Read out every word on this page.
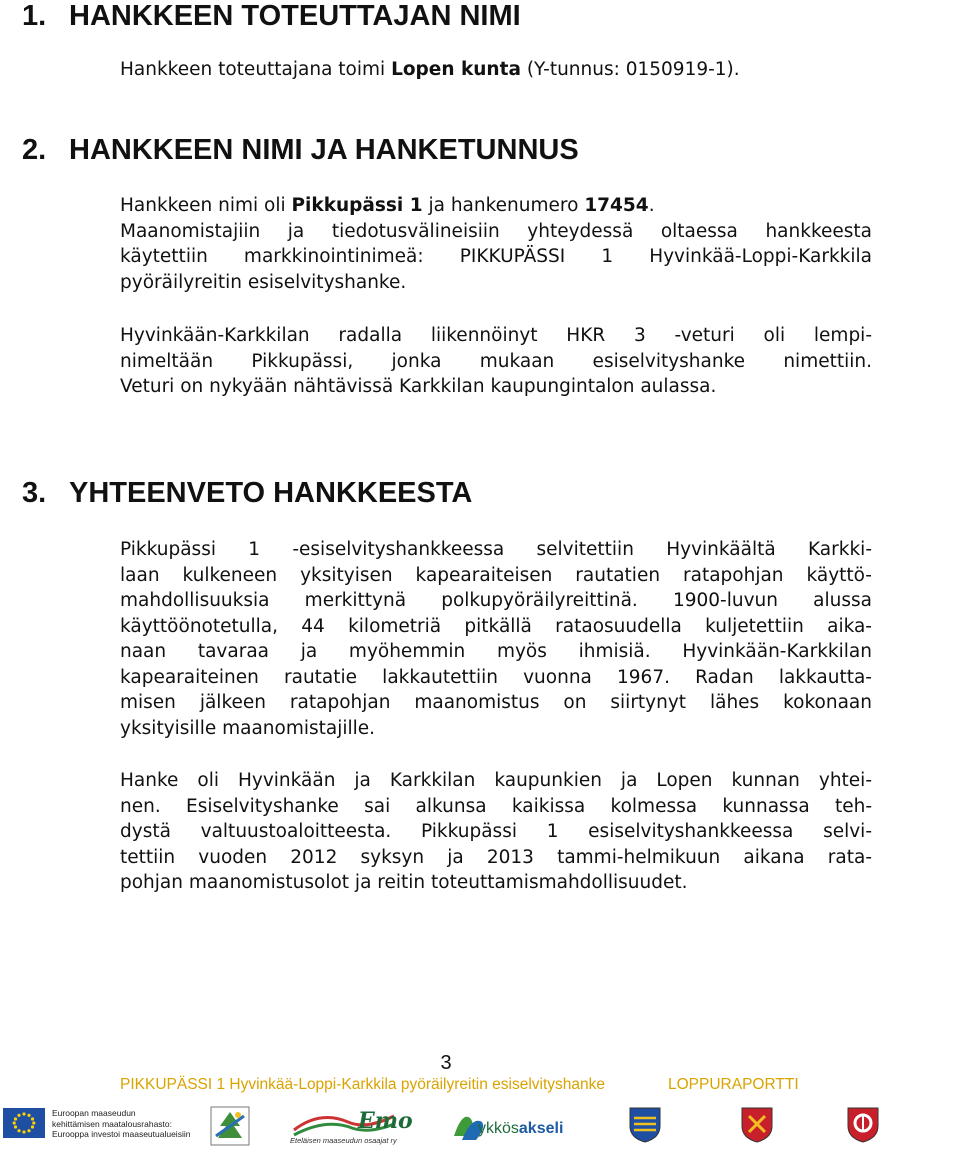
1. HANKKEEN TOTEUTTAJAN NIMI

Hankkeen toteuttajana toimi Lopen kunta (Y-tunnus: 0150919-1).

2. HANKKEEN NIMI JA HANKETUNNUS
Hankkeen nimi oli Pikkupässi 1 ja hankenumero 17454.
Maanomistajiin ja tiedotusvälineisiin yhteydessä oltaessa hankkeesta
käytettiin markkinointinimeä: PIKKUPÄSSI 1 Hyvinkää-Loppi-Karkkila
pyöräilyreitin esiselvityshanke.
Hyvinkään-Karkkilan radalla liikennöinyt HKR 3 -veturi oli lempi-
nimeltään Pikkupässi, jonka mukaan esiselvityshanke nimettiin.
Veturi on nykyään nähtävissä Karkkilan kaupungintalon aulassa.
3. YHTEENVETO HANKKEESTA
Pikkupässi 1 -esiselvityshankkeessa selvitettiin Hyvinkäältä Karkki-
laan kulkeneen yksityisen kapearaiteisen rautatien ratapohjan käyttö-
mahdollisuuksia merkittynä polkupyöräilyreittinä. 1900-luvun alussa
käyttöönotetulla, 44 kilometriä pitkällä rataosuudella kuljetettiin aika-
naan tavaraa ja myöhemmin myös ihmisiä. Hyvinkään-Karkkilan
kapearaiteinen rautatie lakkautettiin vuonna 1967. Radan lakkautta-
misen jälkeen ratapohjan maanomistus on siirtynyt lähes kokonaan
yksityisille maanomistajille.
Hanke oli Hyvinkään ja Karkkilan kaupunkien ja Lopen kunnan yhtei-
nen. Esiselvityshanke sai alkunsa kaikissa kolmessa kunnassa teh-
dystä valtuustoaloitteesta. Pikkupässi 1 esiselvityshankkeessa selvi-
tettiin vuoden 2012 syksyn ja 2013 tammi-helmikuun aikana rata-
pohjan maanomistusolot ja reitin toteuttamismahdollisuudet.
3
PIKKUPÄSSI 1 Hyvinkää-Loppi-Karkkila pyöräilyreitin esiselvityshanke	LOPPURAPORTTI
Euroopan maaseudun
kehittämisen maatalousrahasto:
Eurooppa investoi maaseutualueisiin	Emo
Eteläisen maaseudun osaajat ry
ykkösakseli
